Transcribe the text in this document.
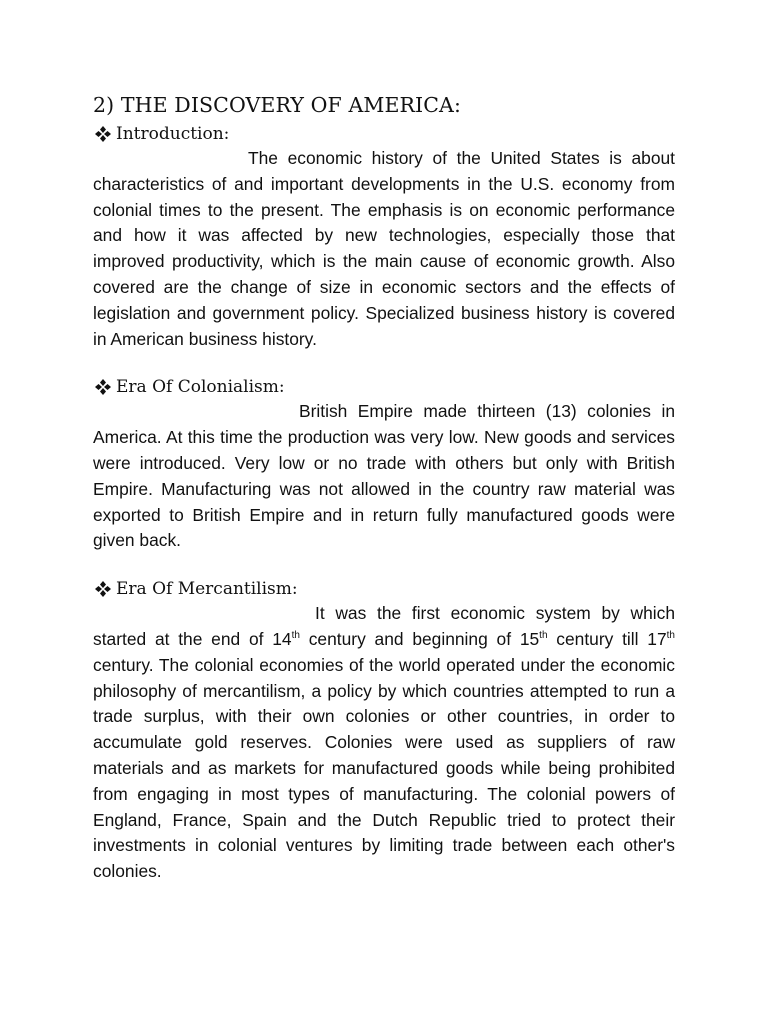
2) THE DISCOVERY OF AMERICA:
Introduction:

The economic history of the United States is about characteristics of and important developments in the U.S. economy from colonial times to the present. The emphasis is on economic performance and how it was affected by new technologies, especially those that improved productivity, which is the main cause of economic growth. Also covered are the change of size in economic sectors and the effects of legislation and government policy. Specialized business history is covered in American business history.

Era Of Colonialism:

British Empire made thirteen (13) colonies in America. At this time the production was very low. New goods and services were introduced. Very low or no trade with others but only with British Empire. Manufacturing was not allowed in the country raw material was exported to British Empire and in return fully manufactured goods were given back.

Era Of Mercantilism:

It was the first economic system by which started at the end of 14th century and beginning of 15th century till 17th century. The colonial economies of the world operated under the economic philosophy of mercantilism, a policy by which countries attempted to run a trade surplus, with their own colonies or other countries, in order to accumulate gold reserves. Colonies were used as suppliers of raw materials and as markets for manufactured goods while being prohibited from engaging in most types of manufacturing. The colonial powers of England, France, Spain and the Dutch Republic tried to protect their investments in colonial ventures by limiting trade between each other's colonies.
